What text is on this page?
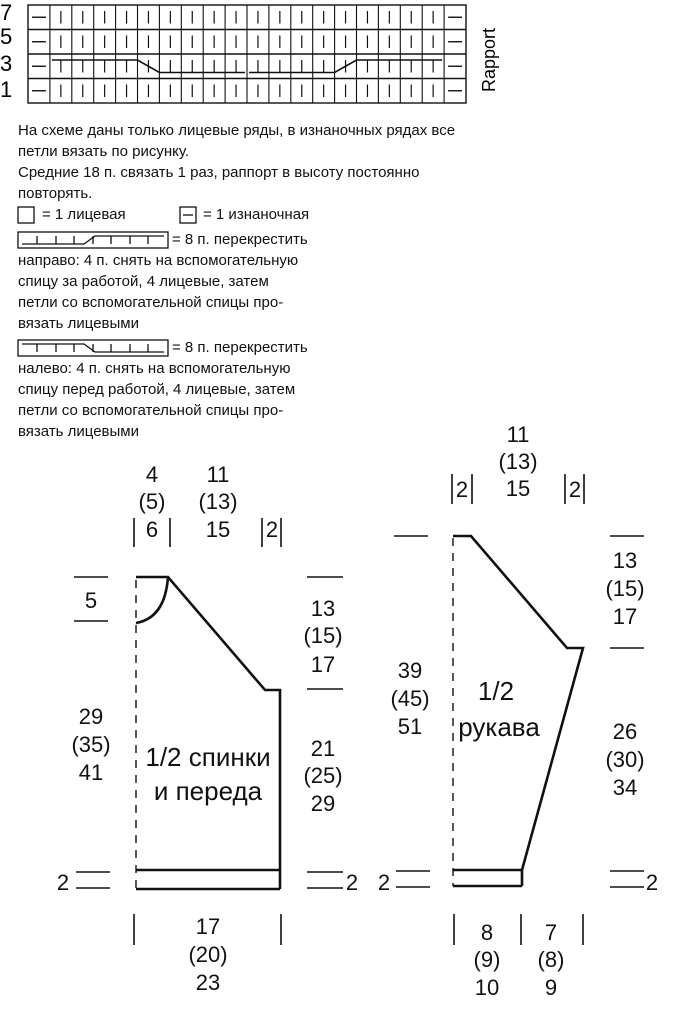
7
5
3
1	Rapport
4
(5)
6
11
(13)
15 2
5	13
(15)
17
29
(35)
41
21
(25)
29
1/2 спинки
и переда
2	2
17
(20)
23
11
(13)
15
2	2
39
(45)
51
13
(15)
17
26
(30)
34
1/2
рукава
2	2
8
(9)
10
7
(8)
9
На схеме даны только лицевые ряды, в изнаночных рядах все
петли вязать по рисунку.
Средние 18 п. связать 1 раз, раппорт в высоту постоянно
повторять.
= 1 лицевая	= 1 изнаночная
= 8 п. перекрестить
направо: 4 п. снять на вспомогательную
спицу за работой, 4 лицевые, затем
петли со вспомогательной спицы про-
вязать лицевыми
= 8 п. перекрестить
налево: 4 п. снять на вспомогательную
спицу перед работой, 4 лицевые, затем
петли со вспомогательной спицы про-
вязать лицевыми
